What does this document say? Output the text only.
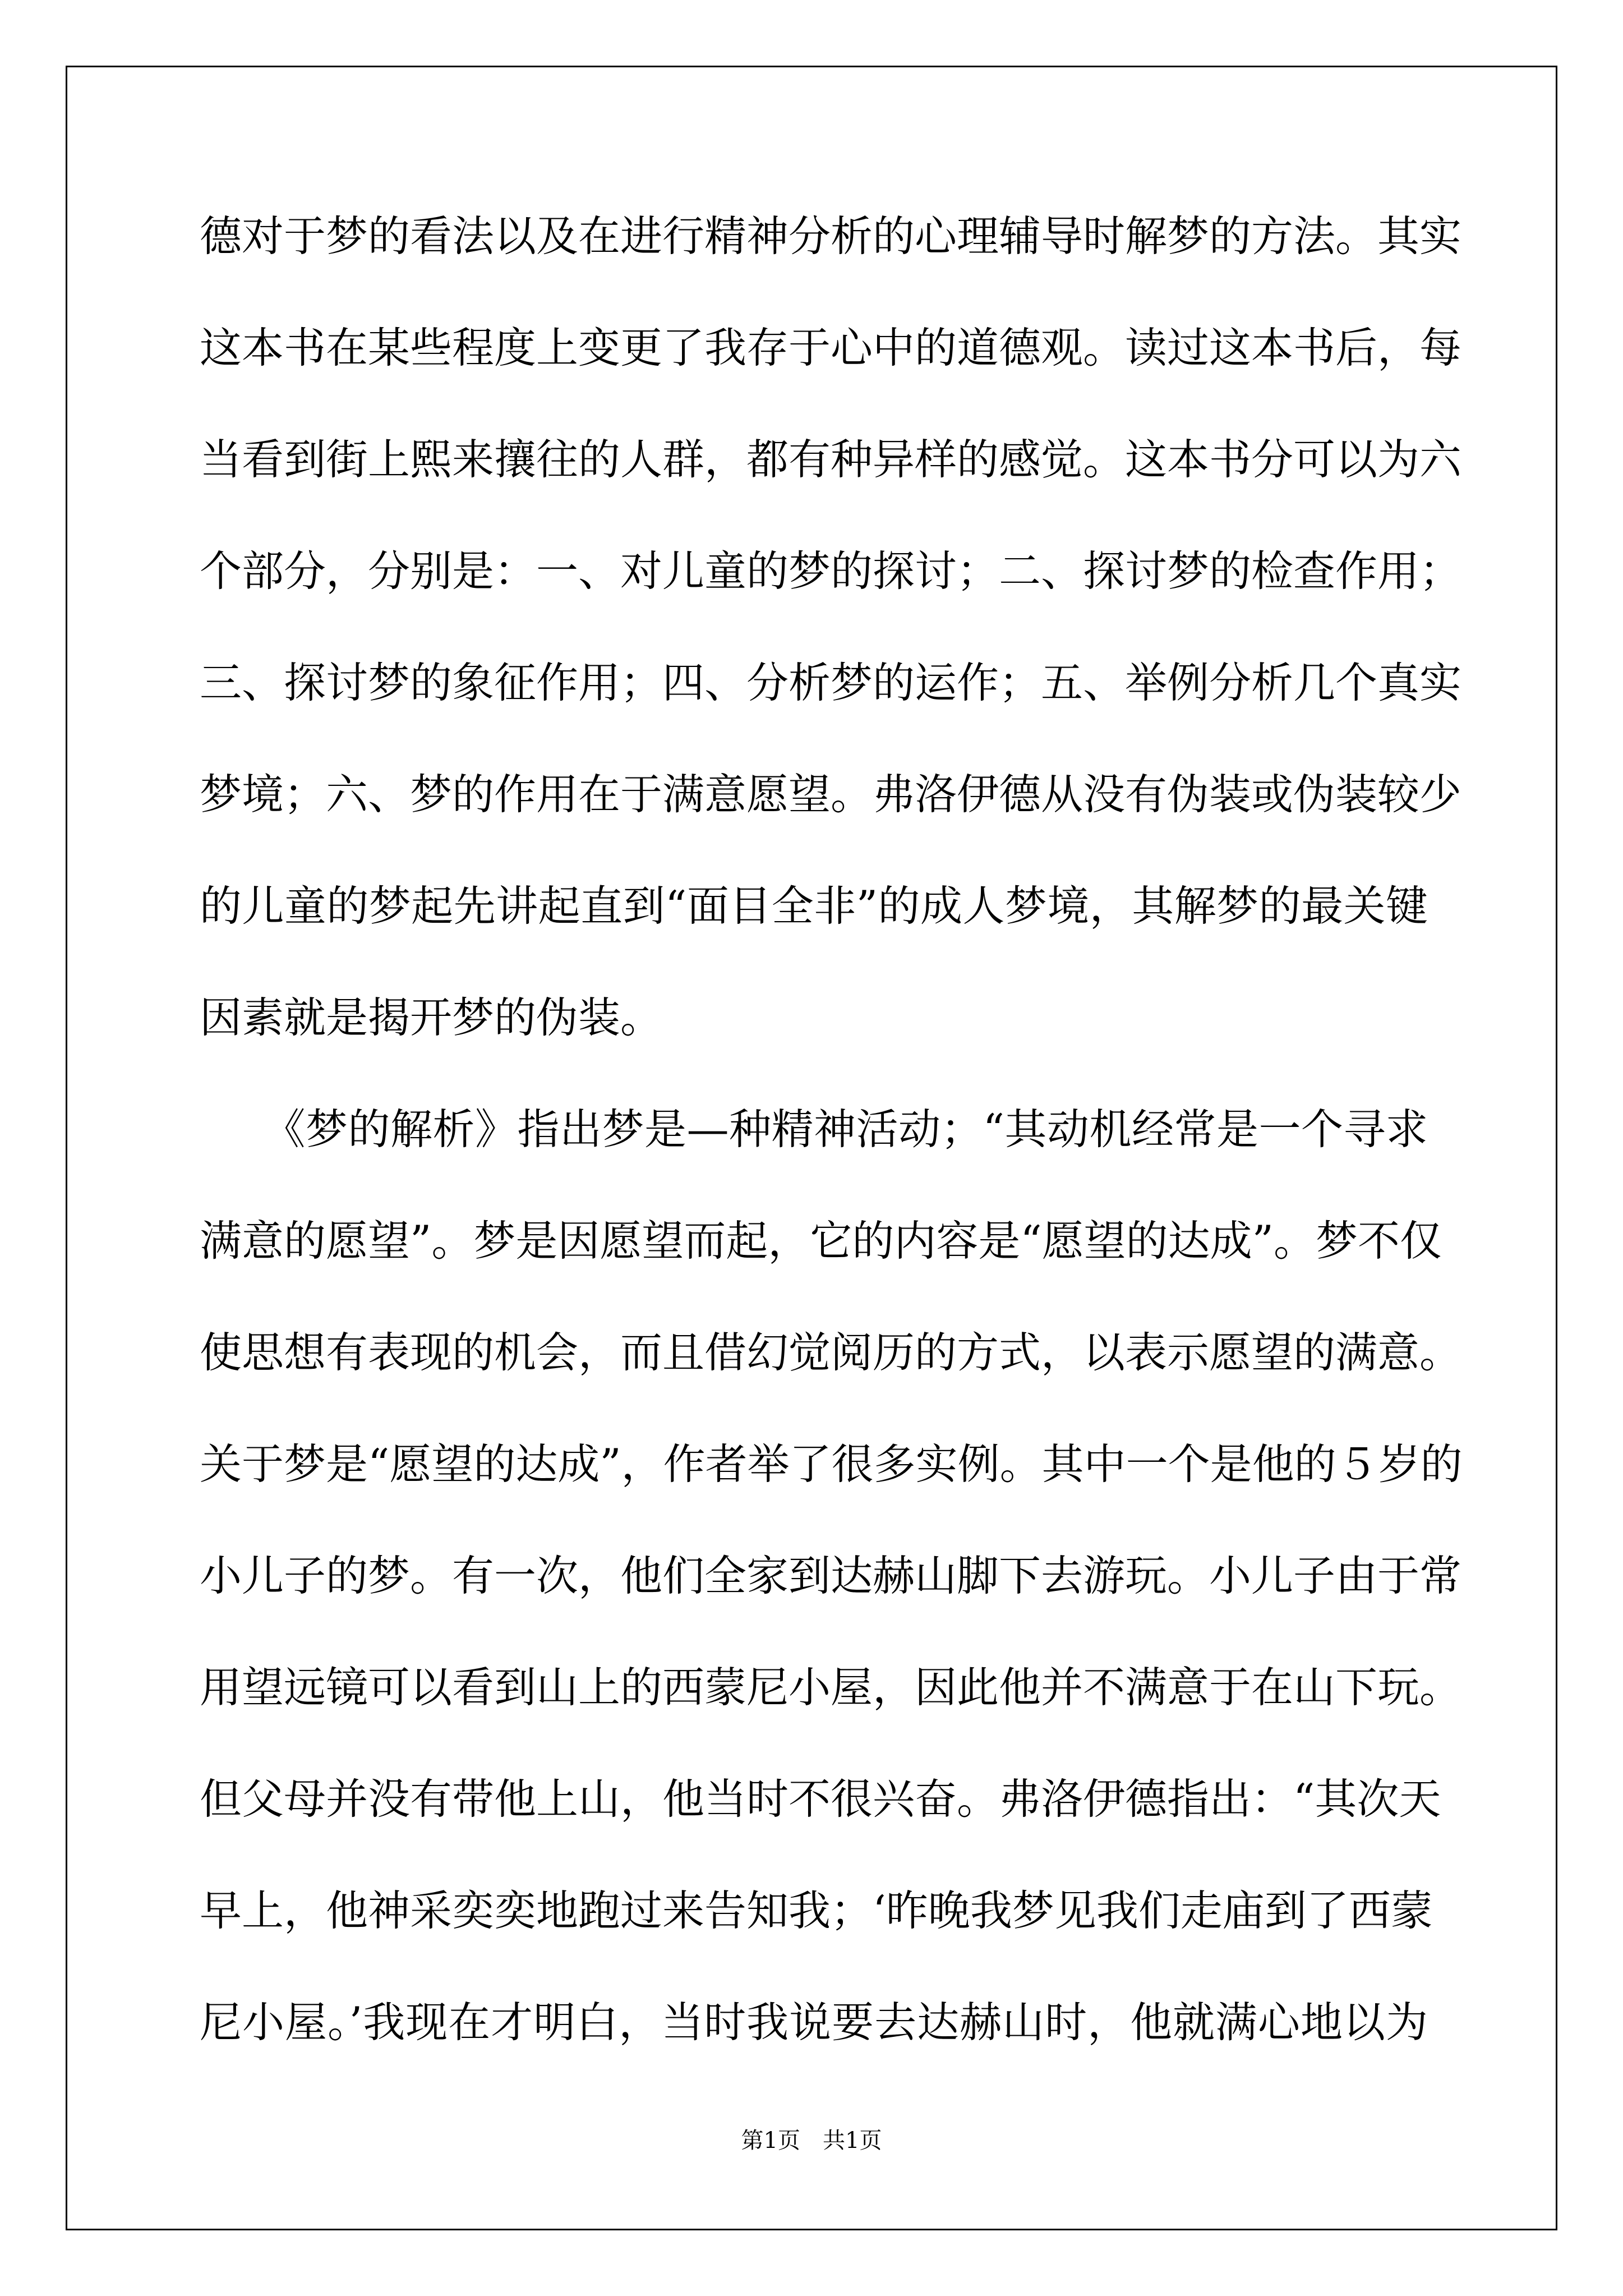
德对于梦的看法以及在进行精神分析的心理辅导时解梦的方法。其实
这本书在某些程度上变更了我存于心中的道德观。读过这本书后，每
当看到街上熙来攘往的人群，都有种异样的感觉。这本书分可以为六
个部分，分别是：一、对儿童的梦的探讨；二、探讨梦的检查作用；
三、探讨梦的象征作用；四、分析梦的运作；五、举例分析几个真实
梦境；六、梦的作用在于满意愿望。弗洛伊德从没有伪装或伪装较少
的儿童的梦起先讲起直到“面目全非”的成人梦境，其解梦的最关键
因素就是揭开梦的伪装。
　　《梦的解析》指出梦是—种精神活动；“其动机经常是一个寻求
满意的愿望”。梦是因愿望而起，它的内容是“愿望的达成”。梦不仅
使思想有表现的机会，而且借幻觉阅历的方式，以表示愿望的满意。
关于梦是“愿望的达成”，作者举了很多实例。其中一个是他的５岁的
小儿子的梦。有一次，他们全家到达赫山脚下去游玩。小儿子由于常
用望远镜可以看到山上的西蒙尼小屋，因此他并不满意于在山下玩。
但父母并没有带他上山，他当时不很兴奋。弗洛伊德指出：“其次天
早上，他神采奕奕地跑过来告知我；‘昨晚我梦见我们走庙到了西蒙
尼小屋。’我现在才明白，当时我说要去达赫山时，他就满心地以为
第1页　共1页
